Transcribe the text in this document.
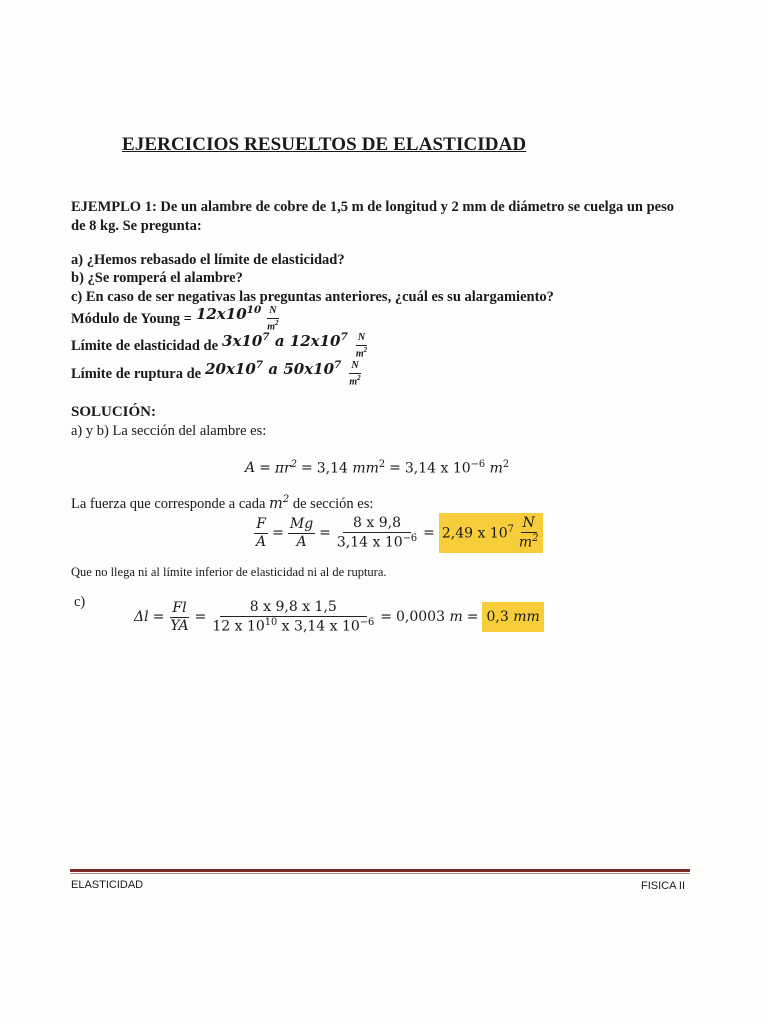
EJERCICIOS RESUELTOS DE ELASTICIDAD
EJEMPLO 1: De un alambre de cobre de 1,5 m de longitud y 2 mm de diámetro se cuelga un peso
de 8 kg. Se pregunta:
a) ¿Hemos rebasado el límite de elasticidad?
b) ¿Se romperá el alambre?
c) En caso de ser negativas las preguntas anteriores, ¿cuál es su alargamiento?
Módulo de Young = $12x10^{10} \frac{N}{m^2}$
Límite de elasticidad de $3x10^7$ a $12x10^7 \frac{N}{m^2}$
Límite de ruptura de $20x10^7$ a $50x10^7 \frac{N}{m^2}$
SOLUCIÓN:
a) y b) La sección del alambre es:
$A = \pi r^2 = 3,14$ $mm^2 = 3,14$ x $10^{-6}$ $m^2$
La fuerza que corresponde a cada $m^2$ de sección es:
$\frac{F}{A} = \frac{Mg}{A} = \frac{8 x 9,8}{3,14 x 10^{-6}} = 2,49$ x $10^7 \frac{N}{m^2}$
Que no llega ni al límite inferior de elasticidad ni al de ruptura.
c)
$\Delta l = \frac{Fl}{YA} = \frac{8 x 9,8 x 1,5}{12 x 10^{10} x 3,14 x 10^{-6}} = 0,0003$ m = 0,3 mm
ELASTICIDAD	FISICA II
